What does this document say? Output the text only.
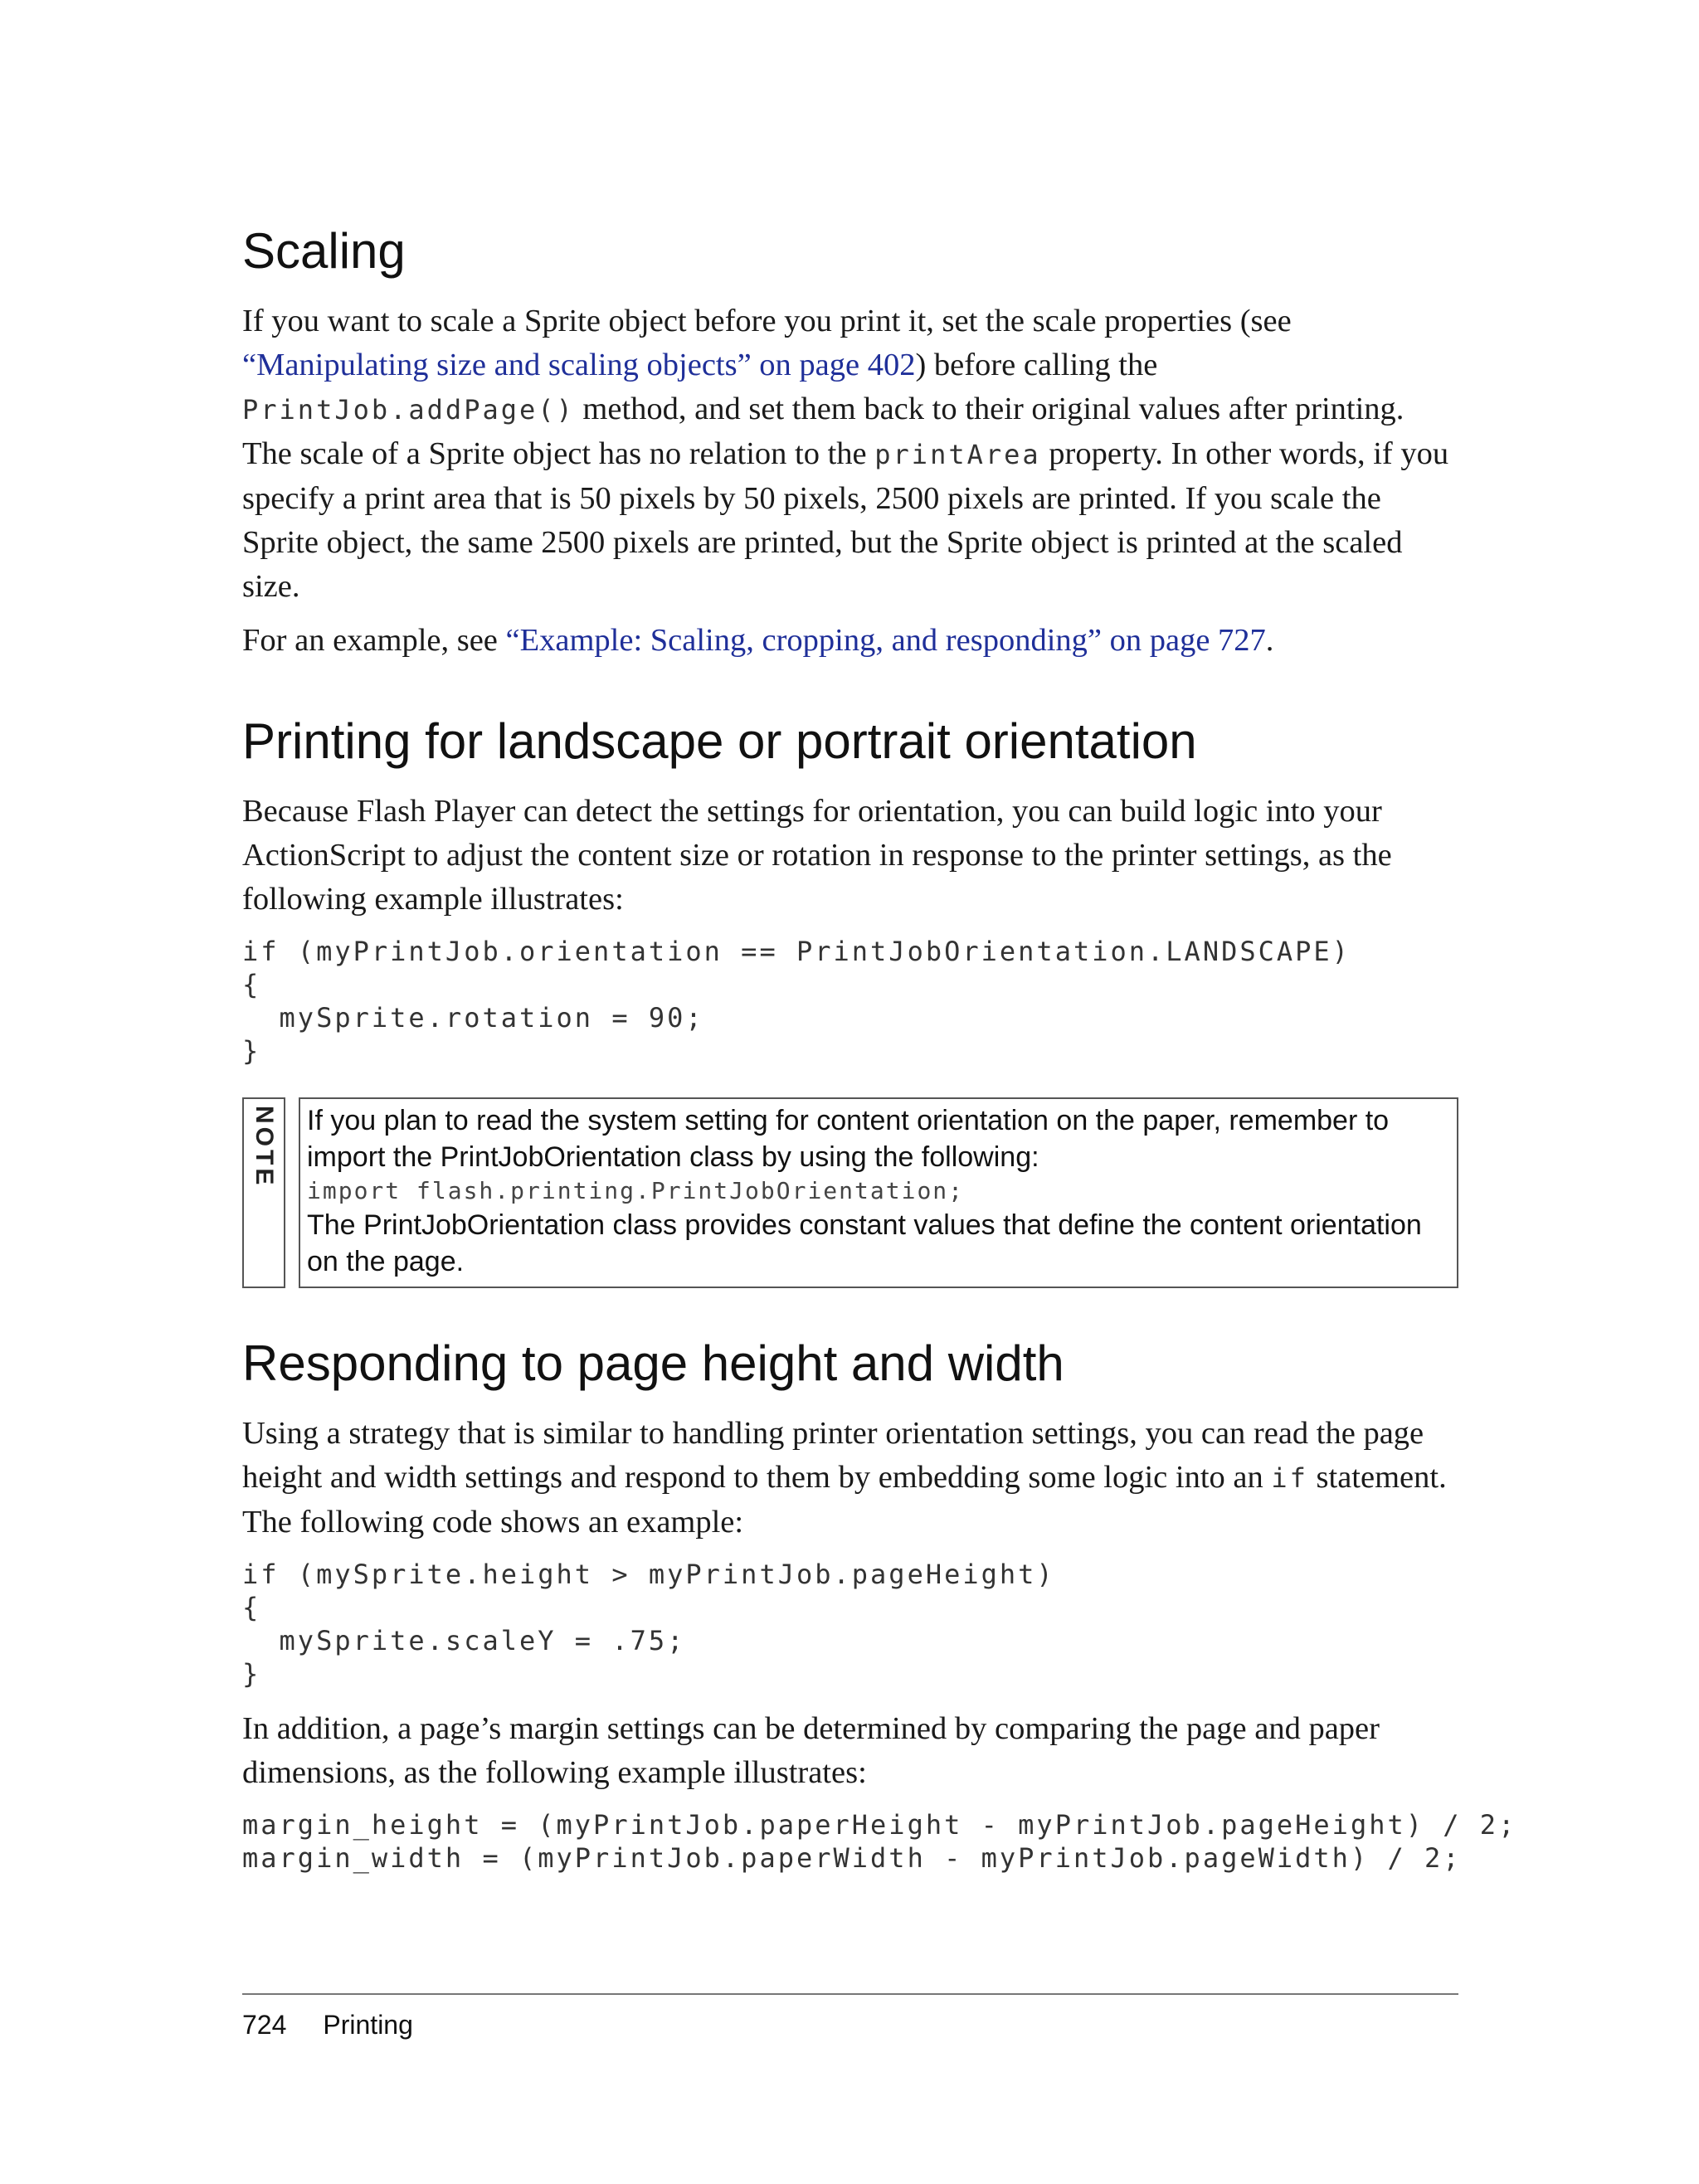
Scaling

If you want to scale a Sprite object before you print it, set the scale properties (see “Manipulating size and scaling objects” on page 402) before calling the PrintJob.addPage() method, and set them back to their original values after printing. The scale of a Sprite object has no relation to the printArea property. In other words, if you specify a print area that is 50 pixels by 50 pixels, 2500 pixels are printed. If you scale the Sprite object, the same 2500 pixels are printed, but the Sprite object is printed at the scaled size.

For an example, see “Example: Scaling, cropping, and responding” on page 727.

Printing for landscape or portrait orientation

Because Flash Player can detect the settings for orientation, you can build logic into your ActionScript to adjust the content size or rotation in response to the printer settings, as the following example illustrates:

if (myPrintJob.orientation == PrintJobOrientation.LANDSCAPE)
{
mySprite.rotation = 90;
}
NOTE If you plan to read the system setting for content orientation on the paper, remember to import the PrintJobOrientation class by using the following:
import flash.printing.PrintJobOrientation;
The PrintJobOrientation class provides constant values that define the content orientation on the page.
Responding to page height and width

Using a strategy that is similar to handling printer orientation settings, you can read the page height and width settings and respond to them by embedding some logic into an if statement. The following code shows an example:

if (mySprite.height > myPrintJob.pageHeight)
{
mySprite.scaleY = .75;
}

In addition, a page’s margin settings can be determined by comparing the page and paper dimensions, as the following example illustrates:

margin_height = (myPrintJob.paperHeight - myPrintJob.pageHeight) / 2;
margin_width = (myPrintJob.paperWidth - myPrintJob.pageWidth) / 2;
724 Printing
